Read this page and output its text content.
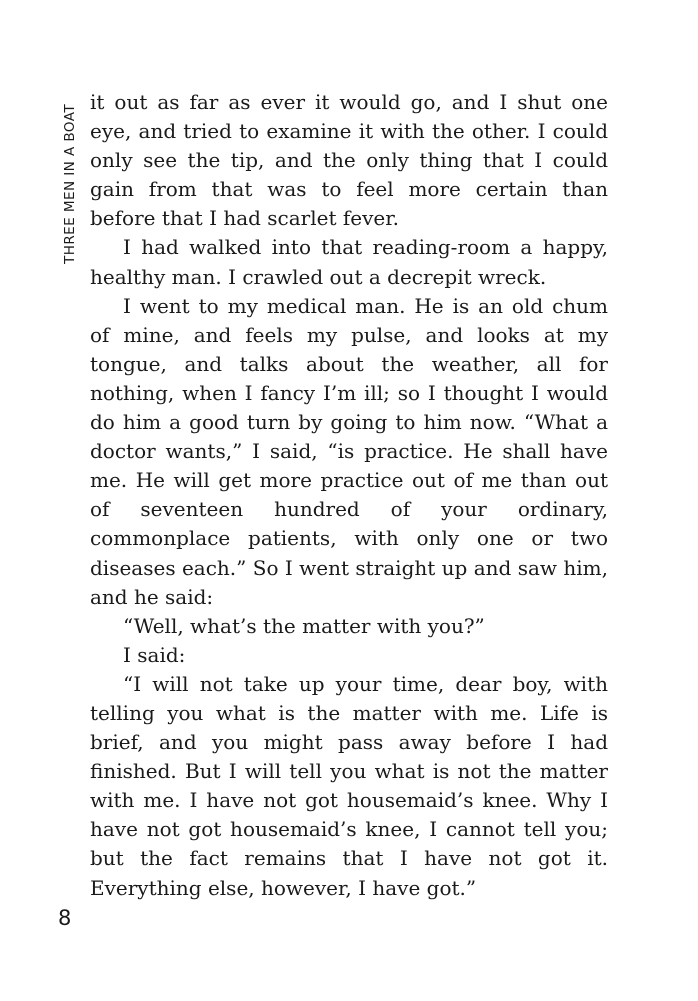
THREE MEN IN A BOAT

it out as far as ever it would go, and I shut one eye, and tried to examine it with the other. I could only see the tip, and the only thing that I could gain from that was to feel more certain than before that I had scarlet fever.

I had walked into that reading-room a happy, healthy man. I crawled out a decrepit wreck.

I went to my medical man. He is an old chum of mine, and feels my pulse, and looks at my tongue, and talks about the weather, all for nothing, when I fancy I’m ill; so I thought I would do him a good turn by going to him now. “What a doctor wants,” I said, “is practice. He shall have me. He will get more practice out of me than out of seventeen hundred of your ordinary, commonplace patients, with only one or two diseases each.” So I went straight up and saw him, and he said:

“Well, what’s the matter with you?”

I said:

“I will not take up your time, dear boy, with telling you what is the matter with me. Life is brief, and you might pass away before I had finished. But I will tell you what is not the matter with me. I have not got housemaid’s knee. Why I have not got housemaid’s knee, I cannot tell you; but the fact remains that I have not got it. Everything else, however, I have got.”

8
